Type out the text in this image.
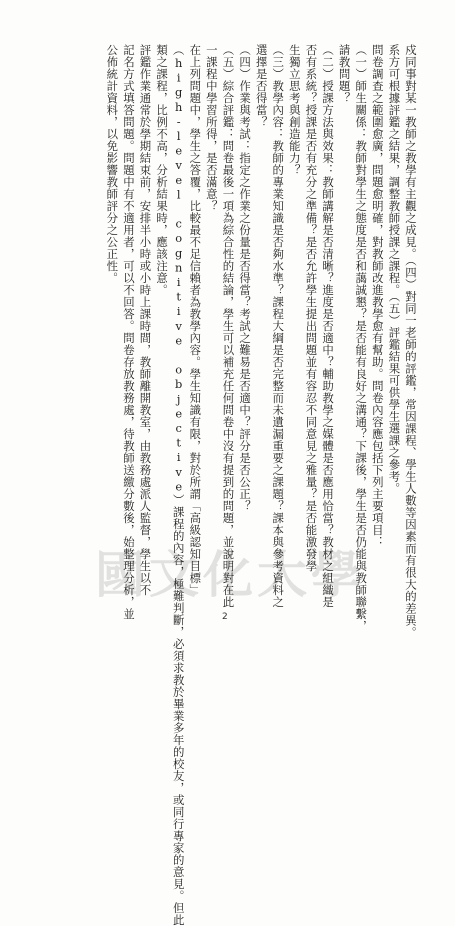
戍同事對某一教師之教學有主觀之成見。（四）對同一老師的評鑑，常因課程、學生人數等因素而有很大的差異。
系方可根據評鑑之結果，調整教師授課之課程。（五）評鑑結果可供學生選課之參考。
問卷調查之範圍愈廣，問題愈明確，對教師改進教學愈有幫助。問卷內容應包括下列主要項目：
（一）師生關係：教師對學生之態度是否和藹誠懇？是否能有良好之溝通？下課後，學生是否仍能與教師聯繫，
請教問題？
（二）授課方法與效果：教師講解是否清晰？進度是否適中？輔助教學之媒體是否應用恰當？教材之組織是
否有系統？授課是否有充分之準備？是否允許學生提出問題並有容忍不同意見之雅量？是否能激發學
生獨立思考與創造能力？
（三）教學內容：教師的專業知識是否夠水準？課程大綱是否完整而未遺漏重要之課題？課本與參考資料之
選擇是否得當？
（四）作業與考試：指定之作業之份量是否得當？考試之難易是否適中？評分是否公正？
（五）綜合評鑑：問卷最後一項為綜合性的結論，學生可以補充任何問卷中沒有提到的問題，並說明對在此
一課程中學習所得，是否滿意？
在上列問題中，學生之答覆，比較最不足信賴者為教學內容。學生知識有限，對於所謂「高級認知目標」
（high-level cognitive objective）課程的內容，極難判斷，必須求教於畢業多年的校友，或同行專家的意見。但此
類之課程，比例不高，分析結果時，應該注意。
評鑑作業通常於學期結束前，安排半小時或小時上課時間，教師離開教室，由教務處派人監督，學生以不
記名方式填答問題。問題中有不適用者，可以不回答。問卷存放教務處，待教師送繳分數後，始整理分析，並
公佈統計資料，以免影響教師評分之公正性。
國文化大學
2
